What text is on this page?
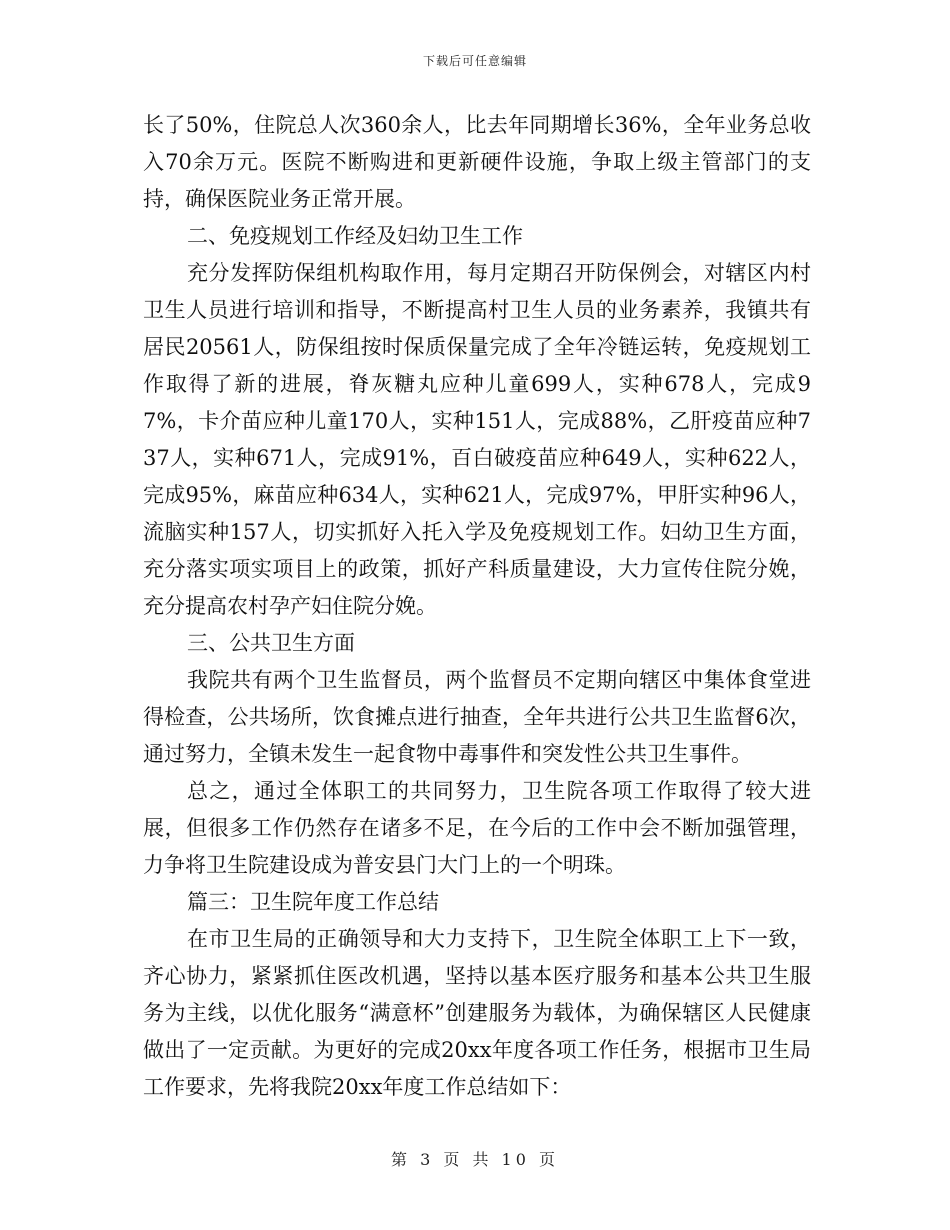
下载后可任意编辑

长了50%，住院总人次360余人，比去年同期增长36%，全年业务总收入70余万元。医院不断购进和更新硬件设施，争取上级主管部门的支持，确保医院业务正常开展。

二、免疫规划工作经及妇幼卫生工作

充分发挥防保组机构取作用，每月定期召开防保例会，对辖区内村卫生人员进行培训和指导，不断提高村卫生人员的业务素养，我镇共有居民20561人，防保组按时保质保量完成了全年冷链运转，免疫规划工作取得了新的进展，脊灰糖丸应种儿童699人，实种678人，完成97%，卡介苗应种儿童170人，实种151人，完成88%，乙肝疫苗应种737人，实种671人，完成91%，百白破疫苗应种649人，实种622人，完成95%，麻苗应种634人，实种621人，完成97%，甲肝实种96人，流脑实种157人，切实抓好入托入学及免疫规划工作。妇幼卫生方面，充分落实项实项目上的政策，抓好产科质量建设，大力宣传住院分娩，充分提高农村孕产妇住院分娩。

三、公共卫生方面

我院共有两个卫生监督员，两个监督员不定期向辖区中集体食堂进得检查，公共场所，饮食摊点进行抽查，全年共进行公共卫生监督6次，通过努力，全镇未发生一起食物中毒事件和突发性公共卫生事件。

总之，通过全体职工的共同努力，卫生院各项工作取得了较大进展，但很多工作仍然存在诸多不足，在今后的工作中会不断加强管理，力争将卫生院建设成为普安县门大门上的一个明珠。

篇三：卫生院年度工作总结

在市卫生局的正确领导和大力支持下，卫生院全体职工上下一致，齐心协力，紧紧抓住医改机遇，坚持以基本医疗服务和基本公共卫生服务为主线，以优化服务“满意杯”创建服务为载体，为确保辖区人民健康做出了一定贡献。为更好的完成20xx年度各项工作任务，根据市卫生局工作要求，先将我院20xx年度工作总结如下：

第 3 页 共 10 页
